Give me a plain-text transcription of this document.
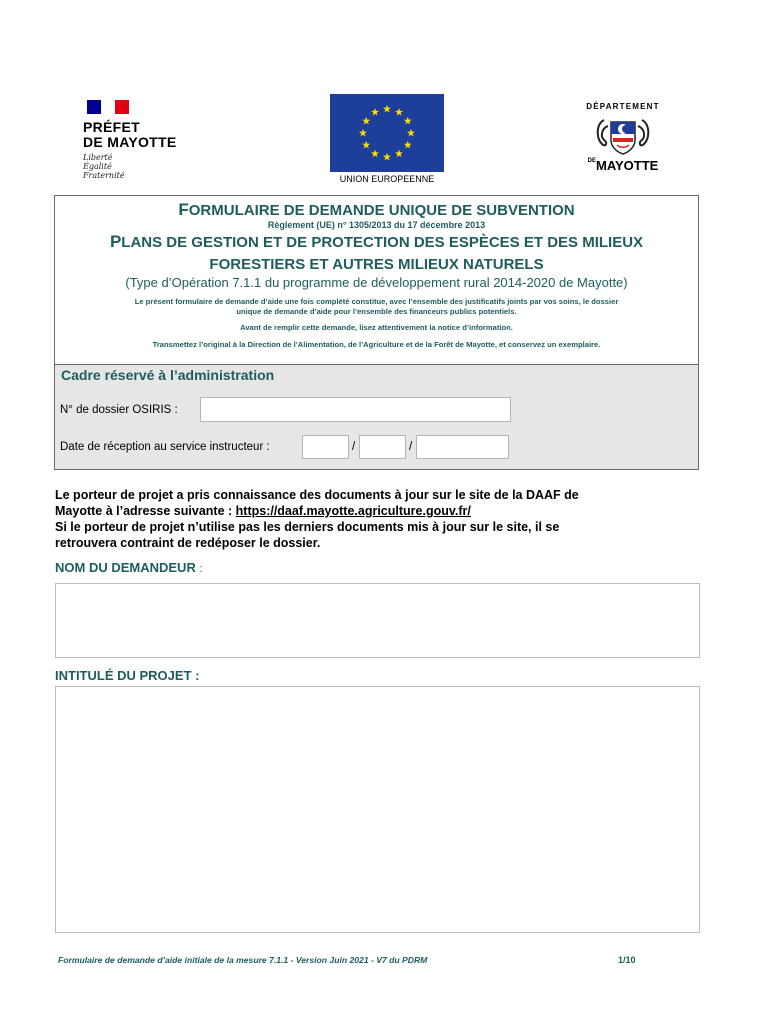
PRÉFET
DE MAYOTTE
Liberté
Égalité
Fraternité	UNION EUROPEENNE
DÉPARTEMENT
$^{DE}$MAYOTTE
FORMULAIRE DE DEMANDE UNIQUE DE SUBVENTION
Règlement (UE) n° 1305/2013 du 17 décembre 2013
PLANS DE GESTION ET DE PROTECTION DES ESPÈCES ET DES MILIEUX
FORESTIERS ET AUTRES MILIEUX NATURELS
(Type d’Opération 7.1.1 du programme de développement rural 2014-2020 de Mayotte)
Le présent formulaire de demande d’aide une fois complété constitue, avec l’ensemble des justificatifs joints par vos soins, le dossier
unique de demande d’aide pour l’ensemble des financeurs publics potentiels.
Avant de remplir cette demande, lisez attentivement la notice d’information.
Transmettez l’original à la Direction de l’Alimentation, de l’Agriculture et de la Forêt de Mayotte, et conservez un exemplaire.
Cadre réservé à l’administration
N° de dossier OSIRIS :
Date de réception au service instructeur :	/	/
Le porteur de projet a pris connaissance des documents à jour sur le site de la DAAF de
Mayotte à l’adresse suivante : https://daaf.mayotte.agriculture.gouv.fr/
Si le porteur de projet n’utilise pas les derniers documents mis à jour sur le site, il se
retrouvera contraint de redéposer le dossier.
NOM DU DEMANDEUR :
INTITULÉ DU PROJET :
Formulaire de demande d’aide initiale de la mesure 7.1.1 - Version Juin 2021 - V7 du PDRM	1/10
